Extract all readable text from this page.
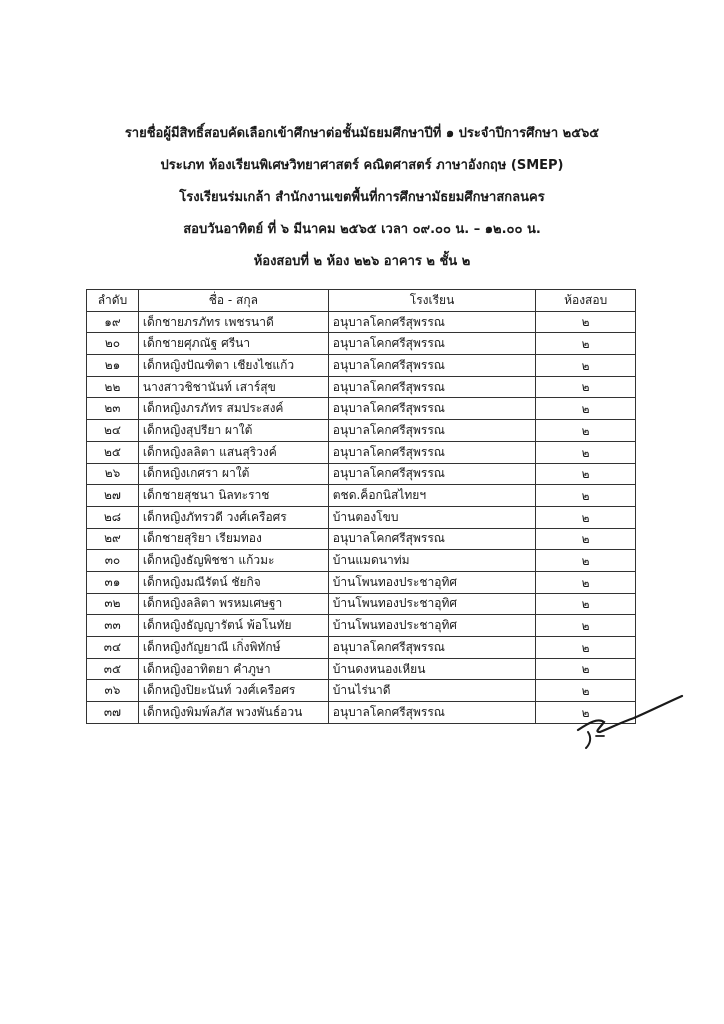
รายชื่อผู้มีสิทธิ์สอบคัดเลือกเข้าศึกษาต่อชั้นมัธยมศึกษาปีที่ ๑ ประจำปีการศึกษา ๒๕๖๕
ประเภท ห้องเรียนพิเศษวิทยาศาสตร์ คณิตศาสตร์ ภาษาอังกฤษ (SMEP)
โรงเรียนร่มเกล้า สำนักงานเขตพื้นที่การศึกษามัธยมศึกษาสกลนคร
สอบวันอาทิตย์ ที่ ๖ มีนาคม ๒๕๖๕ เวลา ๐๙.๐๐ น. – ๑๒.๐๐ น.
ห้องสอบที่ ๒ ห้อง ๒๒๖ อาคาร ๒ ชั้น ๒
ลำดับ	ชื่อ - สกุล	โรงเรียน	ห้องสอบ
๑๙	เด็กชายภรภัทร เพชรนาดี	อนุบาลโคกศรีสุพรรณ	๒
๒๐	เด็กชายศุภณัฐ ศรีนา	อนุบาลโคกศรีสุพรรณ	๒
๒๑	เด็กหญิงปัณฑิตา เชียงไชแก้ว	อนุบาลโคกศรีสุพรรณ	๒
๒๒	นางสาวชิชานันท์ เสาร์สุข	อนุบาลโคกศรีสุพรรณ	๒
๒๓	เด็กหญิงภรภัทร สมประสงค์	อนุบาลโคกศรีสุพรรณ	๒
๒๔	เด็กหญิงสุปรียา ผาใต้	อนุบาลโคกศรีสุพรรณ	๒
๒๕	เด็กหญิงลลิตา แสนสุริวงค์	อนุบาลโคกศรีสุพรรณ	๒
๒๖	เด็กหญิงเกศรา ผาใต้	อนุบาลโคกศรีสุพรรณ	๒
๒๗	เด็กชายสุชนา นิลทะราช	ตชด.ค็อกนิสไทยฯ	๒
๒๘	เด็กหญิงภัทรวดี วงศ์เครือศร	บ้านตองโขบ	๒
๒๙	เด็กชายสุริยา เรียมทอง	อนุบาลโคกศรีสุพรรณ	๒
๓๐	เด็กหญิงธัญพิชชา แก้วมะ	บ้านแมดนาท่ม	๒
๓๑	เด็กหญิงมณีรัตน์ ชัยกิจ	บ้านโพนทองประชาอุทิศ	๒
๓๒	เด็กหญิงลลิตา พรหมเศษฐา	บ้านโพนทองประชาอุทิศ	๒
๓๓	เด็กหญิงธัญญารัตน์ พ้อโนทัย	บ้านโพนทองประชาอุทิศ	๒
๓๔	เด็กหญิงกัญยาณี เกิ่งพิทักษ์	อนุบาลโคกศรีสุพรรณ	๒
๓๕	เด็กหญิงอาทิตยา คำภูษา	บ้านดงหนองเหียน	๒
๓๖	เด็กหญิงปิยะนันท์ วงศ์เครือศร	บ้านไร่นาดี	๒
๓๗	เด็กหญิงพิมพ์ลภัส พวงพันธ์อวน	อนุบาลโคกศรีสุพรรณ	๒
